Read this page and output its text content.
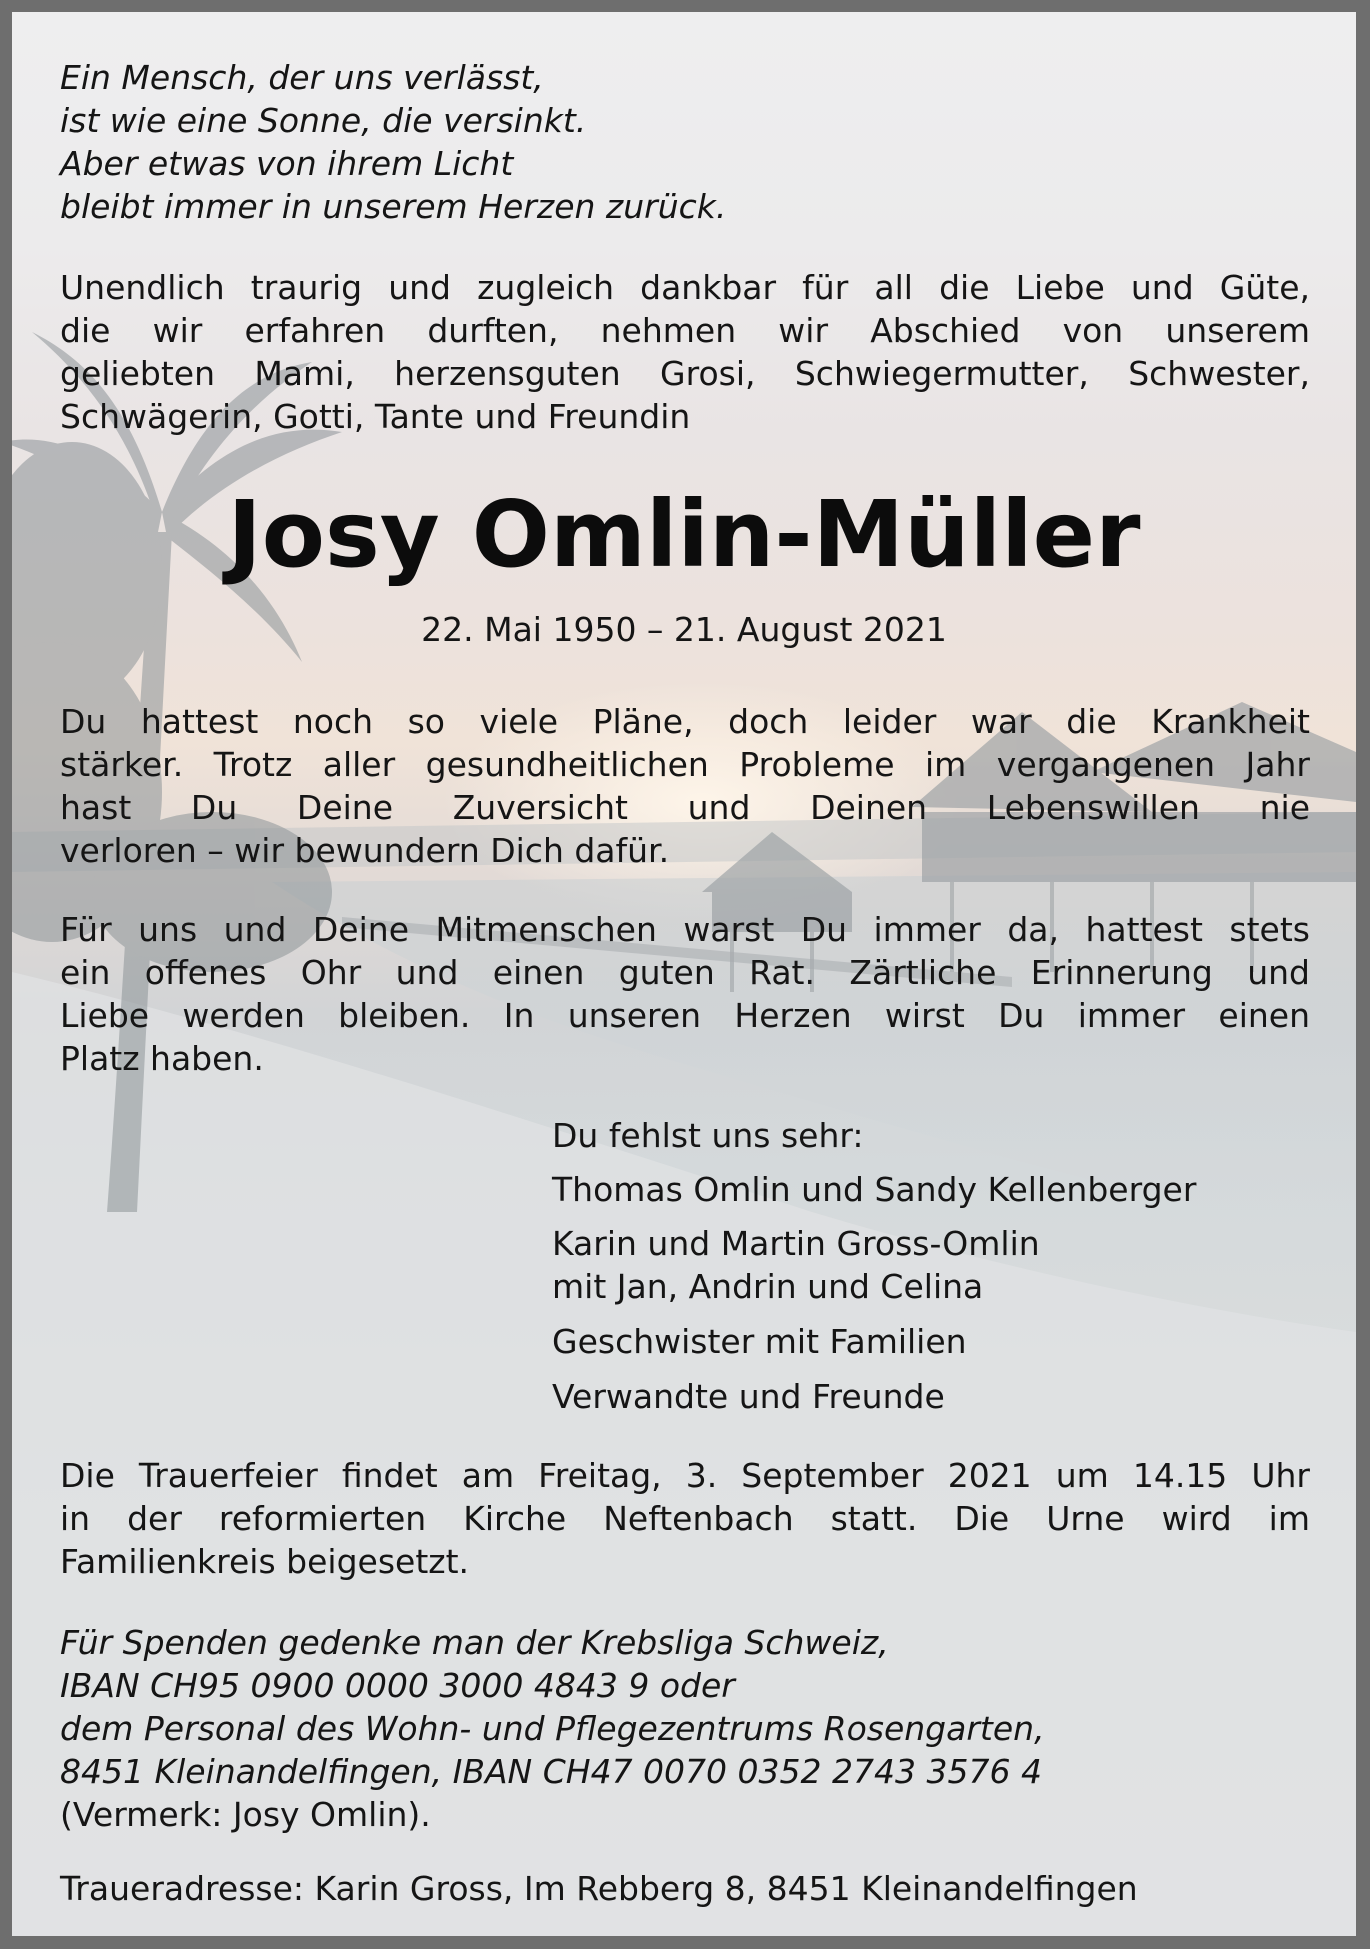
Ein Mensch, der uns verlässt,
ist wie eine Sonne, die versinkt.
Aber etwas von ihrem Licht
bleibt immer in unserem Herzen zurück.

Unendlich traurig und zugleich dankbar für all die Liebe und Güte,
die wir erfahren durften, nehmen wir Abschied von unserem
geliebten Mami, herzensguten Grosi, Schwiegermutter, Schwester,
Schwägerin, Gotti, Tante und Freundin

Josy Omlin-Müller

22. Mai 1950 – 21. August 2021

Du hattest noch so viele Pläne, doch leider war die Krankheit
stärker. Trotz aller gesundheitlichen Probleme im vergangenen Jahr
hast Du Deine Zuversicht und Deinen Lebenswillen nie
verloren – wir bewundern Dich dafür.

Für uns und Deine Mitmenschen warst Du immer da, hattest stets
ein offenes Ohr und einen guten Rat. Zärtliche Erinnerung und
Liebe werden bleiben. In unseren Herzen wirst Du immer einen
Platz haben.

Du fehlst uns sehr:

Thomas Omlin und Sandy Kellenberger

Karin und Martin Gross-Omlin

mit Jan, Andrin und Celina

Geschwister mit Familien

Verwandte und Freunde

Die Trauerfeier findet am Freitag, 3. September 2021 um 14.15 Uhr
in der reformierten Kirche Neftenbach statt. Die Urne wird im
Familienkreis beigesetzt.

Für Spenden gedenke man der Krebsliga Schweiz,
IBAN CH95 0900 0000 3000 4843 9 oder
dem Personal des Wohn- und Pflegezentrums Rosengarten,
8451 Kleinandelfingen, IBAN CH47 0070 0352 2743 3576 4
(Vermerk: Josy Omlin).

Traueradresse: Karin Gross, Im Rebberg 8, 8451 Kleinandelfingen
